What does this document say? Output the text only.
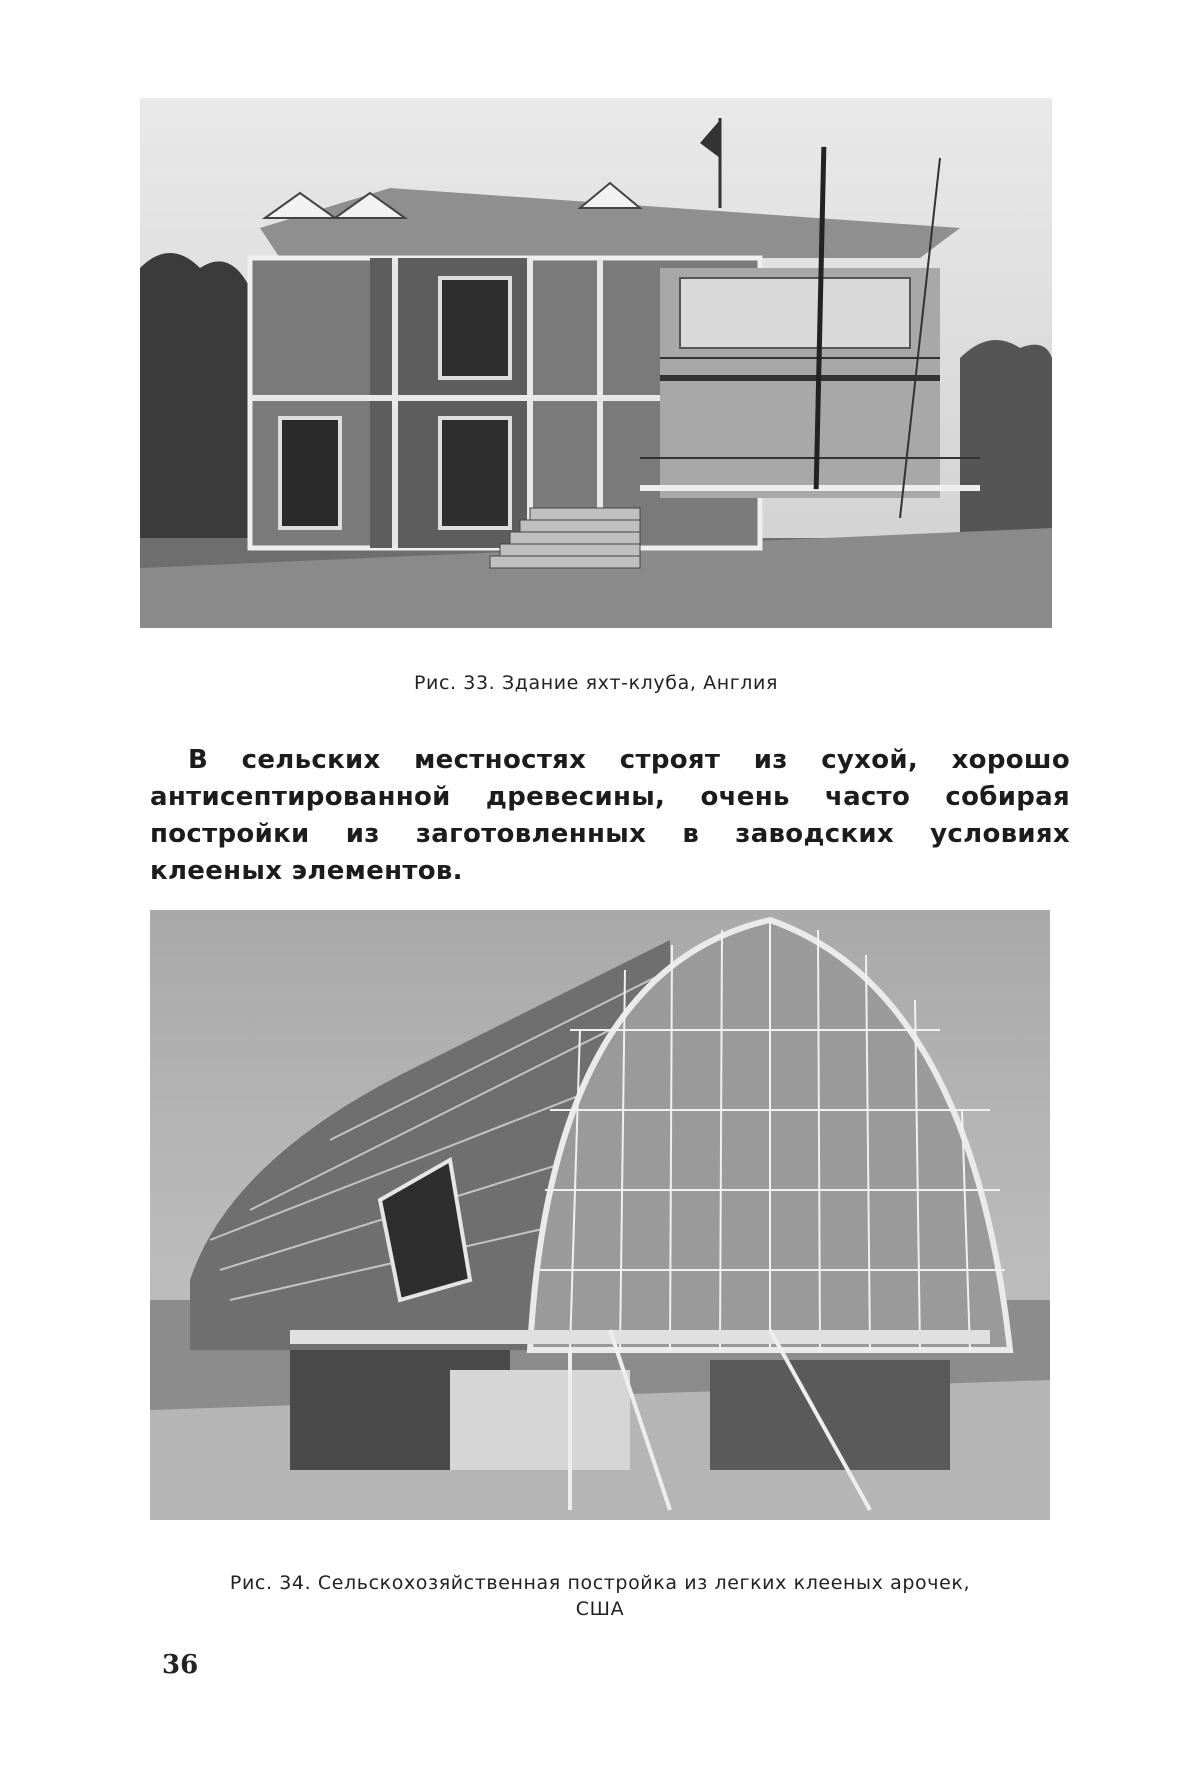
Рис. 33. Здание яхт-клуба, Англия
В сельских местностях строят из сухой, хорошо антисептированной древесины, очень часто собирая постройки из заготовленных в заводских условиях клееных элементов.
Рис. 34. Сельскохозяйственная постройка из легких клееных арочек,
США
36
